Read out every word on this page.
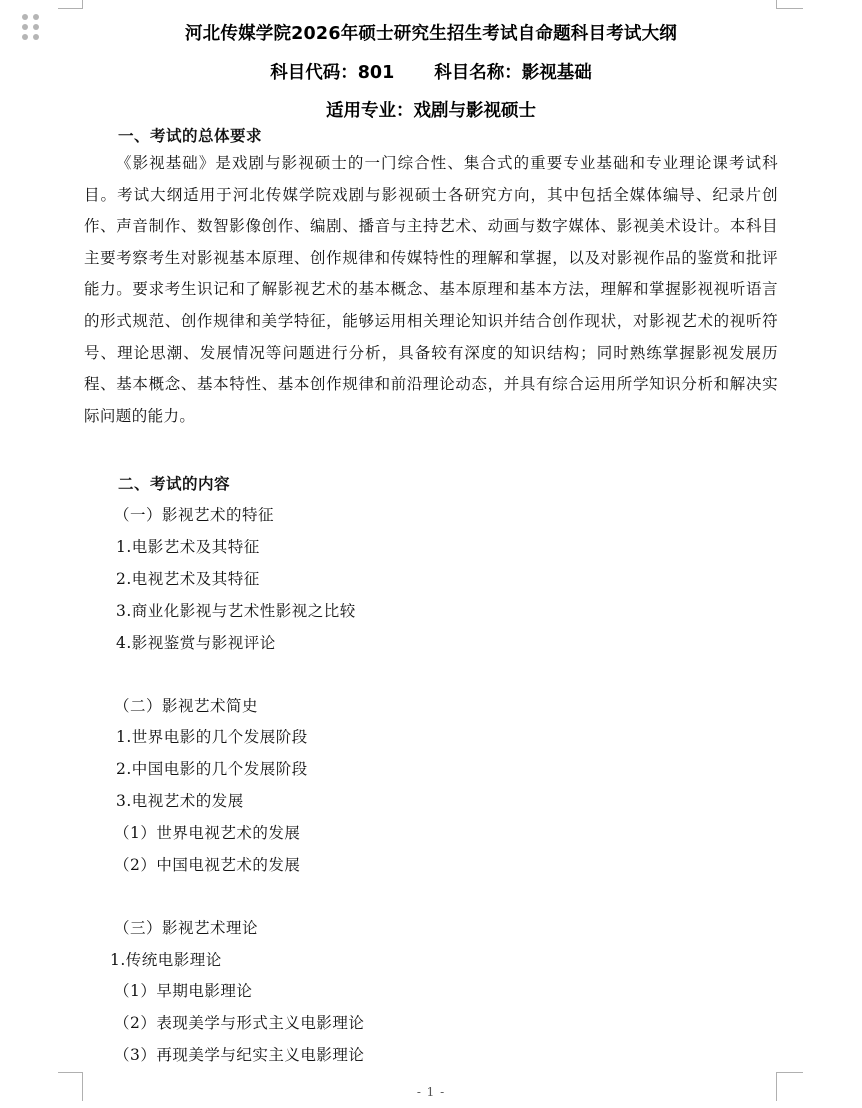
河北传媒学院2026年硕士研究生招生考试自命题科目考试大纲
科目代码：801 科目名称：影视基础
适用专业：戏剧与影视硕士
一、考试的总体要求
《影视基础》是戏剧与影视硕士的一门综合性、集合式的重要专业基础和专业理论课考试科目。考试大纲适用于河北传媒学院戏剧与影视硕士各研究方向，其中包括全媒体编导、纪录片创作、声音制作、数智影像创作、编剧、播音与主持艺术、动画与数字媒体、影视美术设计。本科目主要考察考生对影视基本原理、创作规律和传媒特性的理解和掌握，以及对影视作品的鉴赏和批评能力。要求考生识记和了解影视艺术的基本概念、基本原理和基本方法，理解和掌握影视视听语言的形式规范、创作规律和美学特征，能够运用相关理论知识并结合创作现状，对影视艺术的视听符号、理论思潮、发展情况等问题进行分析，具备较有深度的知识结构；同时熟练掌握影视发展历程、基本概念、基本特性、基本创作规律和前沿理论动态，并具有综合运用所学知识分析和解决实际问题的能力。
二、考试的内容
（一）影视艺术的特征
1.电影艺术及其特征
2.电视艺术及其特征
3.商业化影视与艺术性影视之比较
4.影视鉴赏与影视评论
（二）影视艺术简史
1.世界电影的几个发展阶段
2.中国电影的几个发展阶段
3.电视艺术的发展
（1）世界电视艺术的发展
（2）中国电视艺术的发展
（三）影视艺术理论
1.传统电影理论
（1）早期电影理论
（2）表现美学与形式主义电影理论
（3）再现美学与纪实主义电影理论
- 1 -
